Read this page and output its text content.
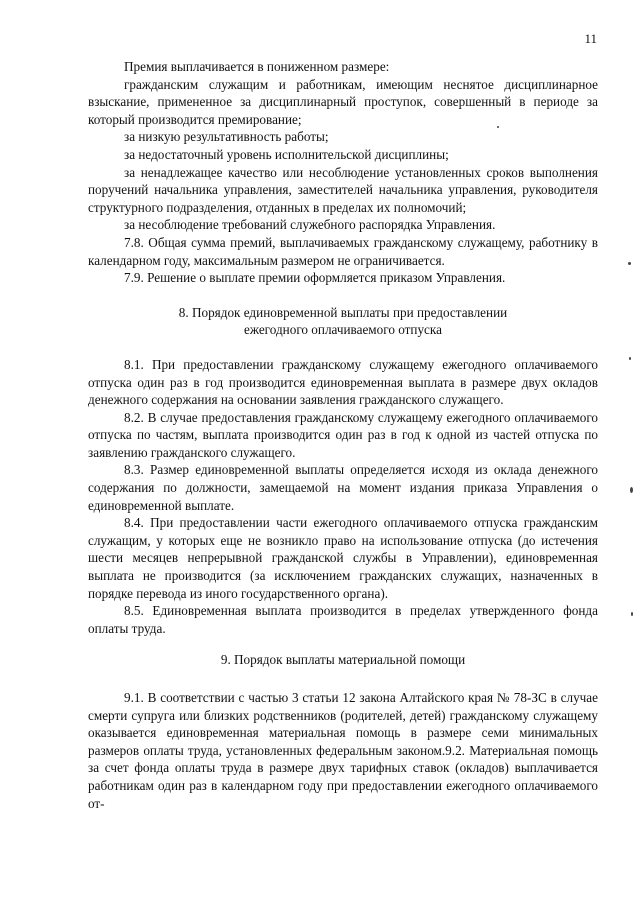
11

Премия выплачивается в пониженном размере:

гражданским служащим и работникам, имеющим неснятое дисциплинарное взыскание, примененное за дисциплинарный проступок, совершенный в периоде за который производится премирование;

за низкую результативность работы;

за недостаточный уровень исполнительской дисциплины;

за ненадлежащее качество или несоблюдение установленных сроков выполнения поручений начальника управления, заместителей начальника управления, руководителя структурного подразделения, отданных в пределах их полномочий;

за несоблюдение требований служебного распорядка Управления.

7.8. Общая сумма премий, выплачиваемых гражданскому служащему, работнику в календарном году, максимальным размером не ограничивается.

7.9. Решение о выплате премии оформляется приказом Управления.

8. Порядок единовременной выплаты при предоставлении
ежегодного оплачиваемого отпуска

8.1. При предоставлении гражданскому служащему ежегодного оплачиваемого отпуска один раз в год производится единовременная выплата в размере двух окладов денежного содержания на основании заявления гражданского служащего.

8.2. В случае предоставления гражданскому служащему ежегодного оплачиваемого отпуска по частям, выплата производится один раз в год к одной из частей отпуска по заявлению гражданского служащего.

8.3. Размер единовременной выплаты определяется исходя из оклада денежного содержания по должности, замещаемой на момент издания приказа Управления о единовременной выплате.

8.4. При предоставлении части ежегодного оплачиваемого отпуска гражданским служащим, у которых еще не возникло право на использование отпуска (до истечения шести месяцев непрерывной гражданской службы в Управлении), единовременная выплата не производится (за исключением гражданских служащих, назначенных в порядке перевода из иного государственного органа).

8.5. Единовременная выплата производится в пределах утвержденного фонда оплаты труда.

9. Порядок выплаты материальной помощи

9.1. В соответствии с частью 3 статьи 12 закона Алтайского края № 78-ЗС в случае смерти супруга или близких родственников (родителей, детей) гражданскому служащему оказывается единовременная материальная помощь в размере семи минимальных размеров оплаты труда, установленных федеральным законом.9.2. Материальная помощь за счет фонда оплаты труда в размере двух тарифных ставок (окладов) выплачивается работникам один раз в календарном году при предоставлении ежегодного оплачиваемого от-
